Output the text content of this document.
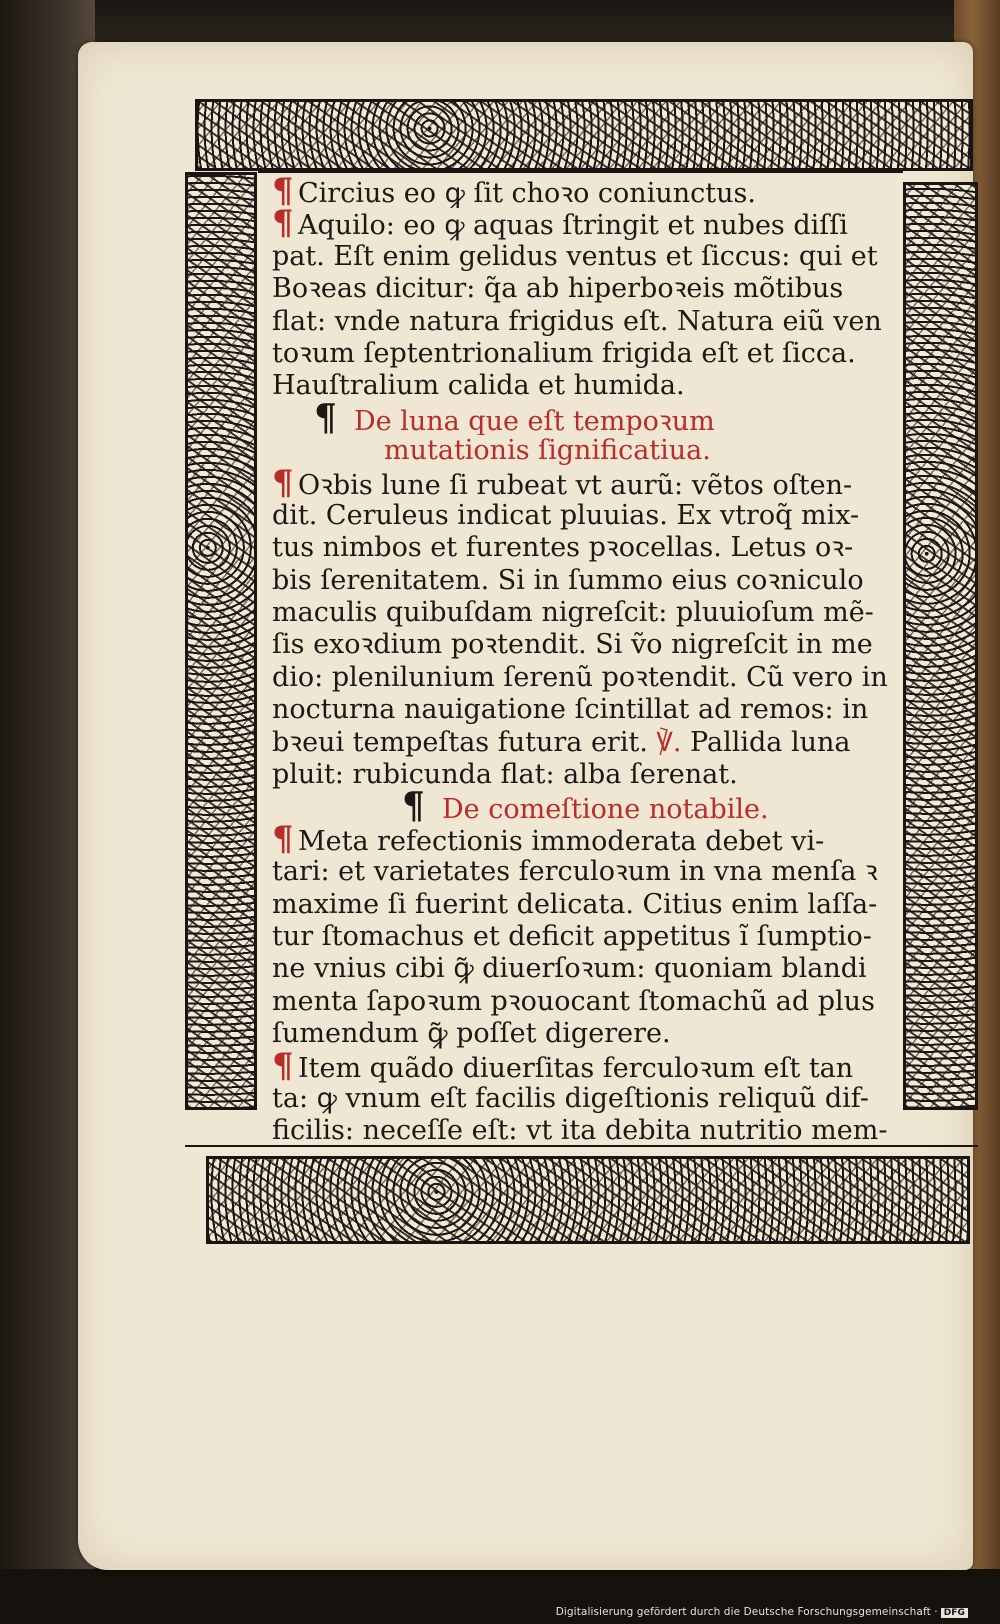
¶ Circius eo ꝙ ſit choꝛo coniunctus.
¶ Aquilo: eo ꝙ aquas ſtringit et nubes diſſi
pat. Eſt enim gelidus ventus et ſiccus: qui et
Boꝛeas dicitur: q̃a ab hiperboꝛeis mõtibus
flat: vnde natura frigidus eſt. Natura eiũ ven
toꝛum ſeptentrionalium frigida eſt et ſicca.
Hauſtralium calida et humida.
¶ De luna que eſt tempoꝛum
mutationis ſignificatiua.
¶ Oꝛbis lune ſi rubeat vt aurũ: vẽtos oſten-
dit. Ceruleus indicat pluuias. Ex vtroq̃ mix-
tus nimbos et furentes pꝛocellas. Letus oꝛ-
bis ſerenitatem. Si in ſummo eius coꝛniculo
maculis quibuſdam nigreſcit: pluuioſum mẽ-
ſis exoꝛdium poꝛtendit. Si ṽo nigreſcit in me
dio: plenilunium ſerenũ poꝛtendit. Cũ vero in
nocturna nauigatione ſcintillat ad remos: in
bꝛeui tempeſtas futura erit. ℣. Pallida luna
pluit: rubicunda flat: alba ſerenat.
¶ De comeſtione notabile.
¶ Meta refectionis immoderata debet vi-
tari: et varietates ferculoꝛum in vna menſa ꝛ
maxime ſi fuerint delicata. Citius enim laſſa-
tur ſtomachus et deficit appetitus ĩ ſumptio-
ne vnius cibi ꝙ̃ diuerſoꝛum: quoniam blandi
menta ſapoꝛum pꝛouocant ſtomachũ ad plus
ſumendum ꝙ̃ poſſet digerere.
¶ Item quãdo diuerſitas ferculoꝛum eſt tan
ta: ꝙ vnum eſt facilis digeſtionis reliquũ dif-
ficilis: neceſſe eſt: vt ita debita nutritio mem-
Digitalisierung gefördert durch die Deutsche Forschungsgemeinschaft · DFG
